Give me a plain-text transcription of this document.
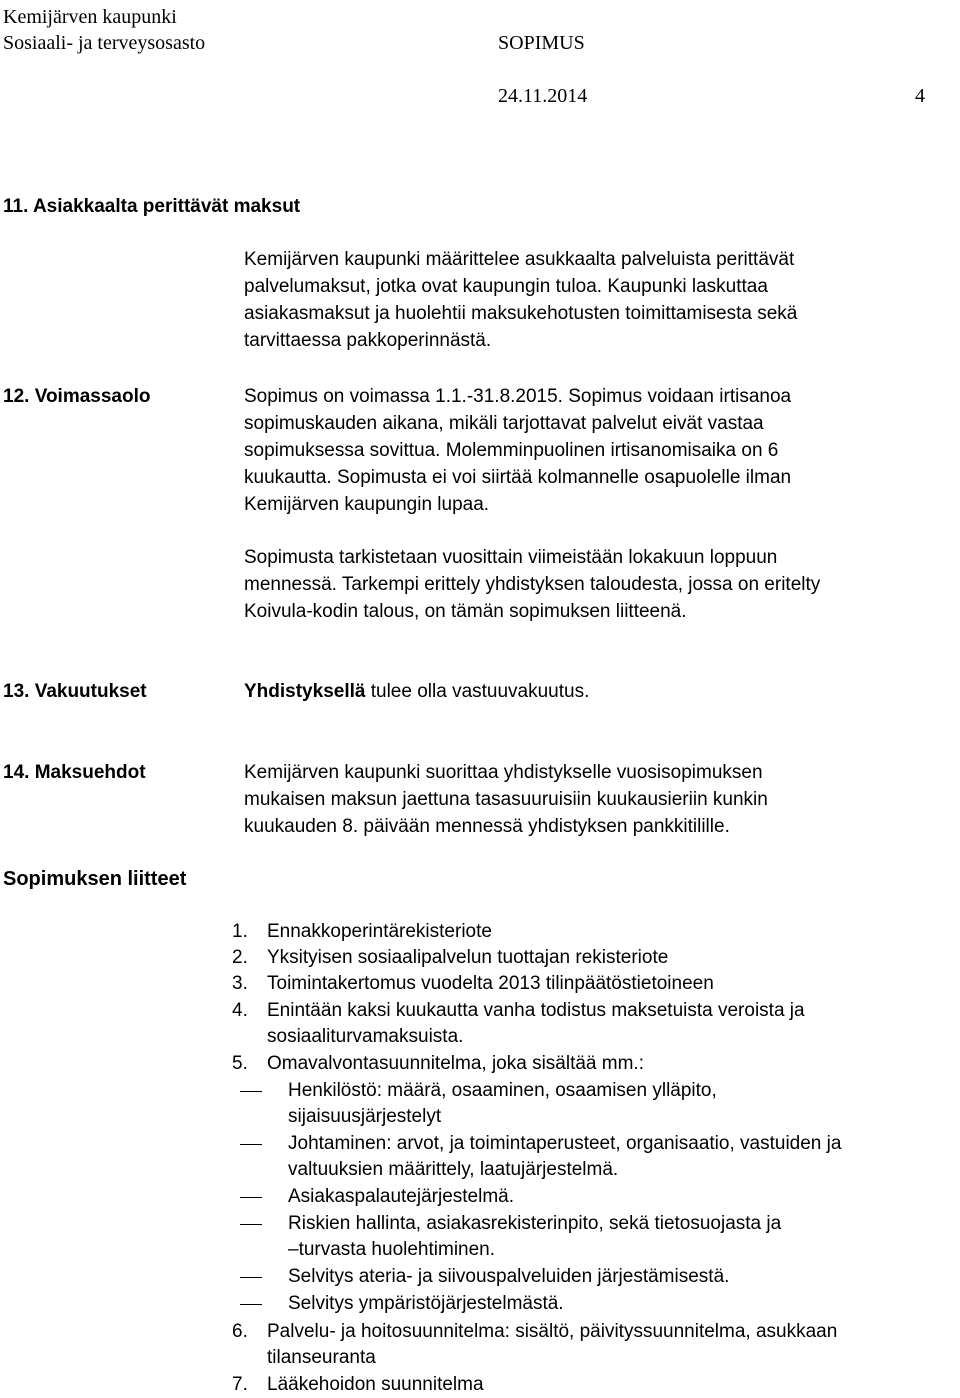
Kemijärven kaupunki
Sosiaali- ja terveysosasto	SOPIMUS
24.11.2014	4
11. Asiakkaalta perittävät maksut
Kemijärven kaupunki määrittelee asukkaalta palveluista perittävät
palvelumaksut, jotka ovat kaupungin tuloa. Kaupunki laskuttaa
asiakasmaksut ja huolehtii maksukehotusten toimittamisesta sekä
tarvittaessa pakkoperinnästä.
12. Voimassaolo	Sopimus on voimassa 1.1.-31.8.2015. Sopimus voidaan irtisanoa
sopimuskauden aikana, mikäli tarjottavat palvelut eivät vastaa
sopimuksessa sovittua. Molemminpuolinen irtisanomisaika on 6
kuukautta. Sopimusta ei voi siirtää kolmannelle osapuolelle ilman
Kemijärven kaupungin lupaa.
Sopimusta tarkistetaan vuosittain viimeistään lokakuun loppuun
mennessä. Tarkempi erittely yhdistyksen taloudesta, jossa on eritelty
Koivula-kodin talous, on tämän sopimuksen liitteenä.
13. Vakuutukset	Yhdistyksellä tulee olla vastuuvakuutus.
14. Maksuehdot	Kemijärven kaupunki suorittaa yhdistykselle vuosisopimuksen
mukaisen maksun jaettuna tasasuuruisiin kuukausieriin kunkin
kuukauden 8. päivään mennessä yhdistyksen pankkitilille.
Sopimuksen liitteet
1. Ennakkoperintärekisteriote
2. Yksityisen sosiaalipalvelun tuottajan rekisteriote
3. Toimintakertomus vuodelta 2013 tilinpäätöstietoineen
4. Enintään kaksi kuukautta vanha todistus maksetuista veroista ja
sosiaaliturvamaksuista.
5. Omavalvontasuunnitelma, joka sisältää mm.:
Henkilöstö: määrä, osaaminen, osaamisen ylläpito,
sijaisuusjärjestelyt
Johtaminen: arvot, ja toimintaperusteet, organisaatio, vastuiden ja
valtuuksien määrittely, laatujärjestelmä.
Asiakaspalautejärjestelmä.
Riskien hallinta, asiakasrekisterinpito, sekä tietosuojasta ja
–turvasta huolehtiminen.
Selvitys ateria- ja siivouspalveluiden järjestämisestä.
Selvitys ympäristöjärjestelmästä.
6. Palvelu- ja hoitosuunnitelma: sisältö, päivityssuunnitelma, asukkaan
tilanseuranta
7. Lääkehoidon suunnitelma
